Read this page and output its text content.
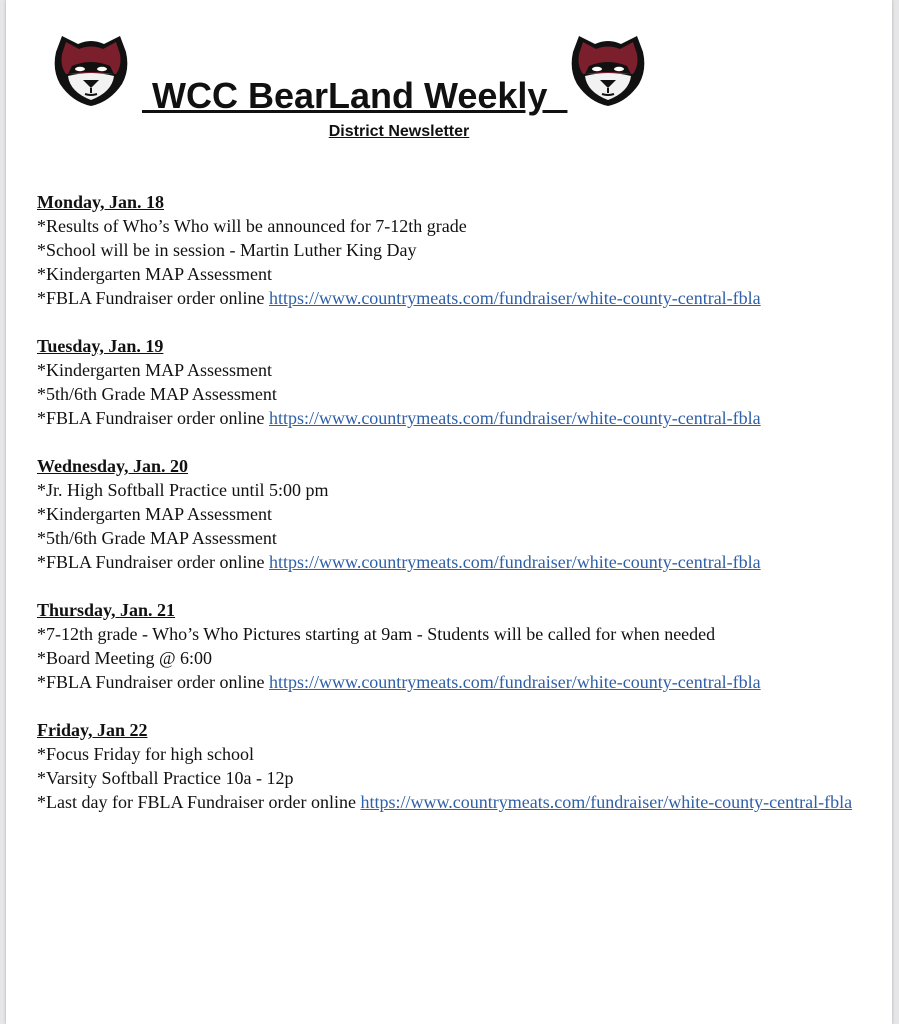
WCC BearLand Weekly
District Newsletter
Monday, Jan. 18
*Results of Who’s Who will be announced for 7-12th grade
*School will be in session - Martin Luther King Day
*Kindergarten MAP Assessment
*FBLA Fundraiser order online https://www.countrymeats.com/fundraiser/white-county-central-fbla
Tuesday, Jan. 19
*Kindergarten MAP Assessment
*5th/6th Grade MAP Assessment
*FBLA Fundraiser order online https://www.countrymeats.com/fundraiser/white-county-central-fbla
Wednesday, Jan. 20
*Jr. High Softball Practice until 5:00 pm
*Kindergarten MAP Assessment
*5th/6th Grade MAP Assessment
*FBLA Fundraiser order online https://www.countrymeats.com/fundraiser/white-county-central-fbla
Thursday, Jan. 21
*7-12th grade - Who’s Who Pictures starting at 9am - Students will be called for when needed
*Board Meeting @ 6:00
*FBLA Fundraiser order online https://www.countrymeats.com/fundraiser/white-county-central-fbla
Friday, Jan 22
*Focus Friday for high school
*Varsity Softball Practice 10a - 12p
*Last day for FBLA Fundraiser order online https://www.countrymeats.com/fundraiser/white-county-central-fbla
